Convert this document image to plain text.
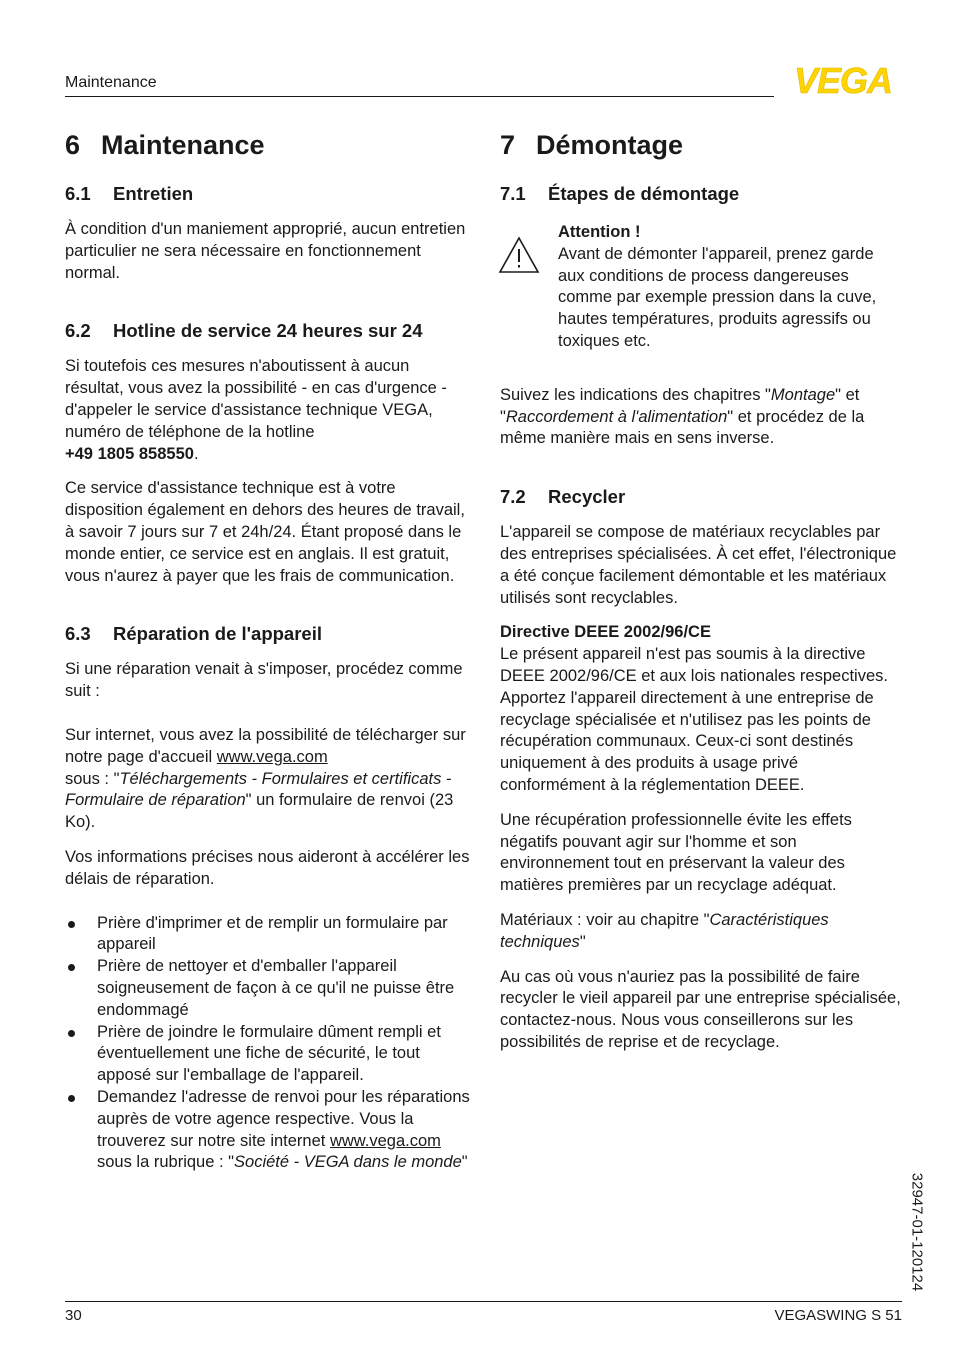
Maintenance	VEGA
6 Maintenance
6.1 Entretien

À condition d'un maniement approprié, aucun entretien particulier ne sera nécessaire en fonctionnement normal.

6.2 Hotline de service 24 heures sur 24

Si toutefois ces mesures n'aboutissent à aucun résultat, vous avez la possibilité - en cas d'urgence - d'appeler le service d'assistance technique VEGA, numéro de téléphone de la hotline
+49 1805 858550.

Ce service d'assistance technique est à votre disposition également en dehors des heures de travail, à savoir 7 jours sur 7 et 24h/24. Étant proposé dans le monde entier, ce service est en anglais. Il est gratuit, vous n'aurez à payer que les frais de communication.

6.3 Réparation de l'appareil

Si une réparation venait à s'imposer, procédez comme suit :

Sur internet, vous avez la possibilité de télécharger sur notre page d'accueil www.vega.com
sous : "Téléchargements - Formulaires et certificats - Formulaire de réparation" un formulaire de renvoi (23 Ko).

Vos informations précises nous aideront à accélérer les délais de réparation.

Prière d'imprimer et de remplir un formulaire par appareil
Prière de nettoyer et d'emballer l'appareil soigneusement de façon à ce qu'il ne puisse être endommagé
Prière de joindre le formulaire dûment rempli et éventuellement une fiche de sécurité, le tout apposé sur l'emballage de l'appareil.
Demandez l'adresse de renvoi pour les réparations auprès de votre agence respective. Vous la trouverez sur notre site internet www.vega.com sous la rubrique : "Société - VEGA dans le monde"
7 Démontage
7.1 Étapes de démontage

Attention !

Avant de démonter l'appareil, prenez garde aux conditions de process dangereuses comme par exemple pression dans la cuve, hautes températures, produits agressifs ou toxiques etc.

Suivez les indications des chapitres "Montage" et "Raccordement à l'alimentation" et procédez de la même manière mais en sens inverse.

7.2 Recycler

L'appareil se compose de matériaux recyclables par des entreprises spécialisées. À cet effet, l'électronique a été conçue facilement démontable et les matériaux utilisés sont recyclables.

Directive DEEE 2002/96/CE
Le présent appareil n'est pas soumis à la directive DEEE 2002/96/CE et aux lois nationales respectives. Apportez l'appareil directement à une entreprise de recyclage spécialisée et n'utilisez pas les points de récupération communaux. Ceux-ci sont destinés uniquement à des produits à usage privé conformément à la réglementation DEEE.

Une récupération professionnelle évite les effets négatifs pouvant agir sur l'homme et son environnement tout en préservant la valeur des matières premières par un recyclage adéquat.

Matériaux : voir au chapitre "Caractéristiques techniques"

Au cas où vous n'auriez pas la possibilité de faire recycler le vieil appareil par une entreprise spécialisée, contactez-nous. Nous vous conseillerons sur les possibilités de reprise et de recyclage.

32947-01-120124
30	VEGASWING S 51
